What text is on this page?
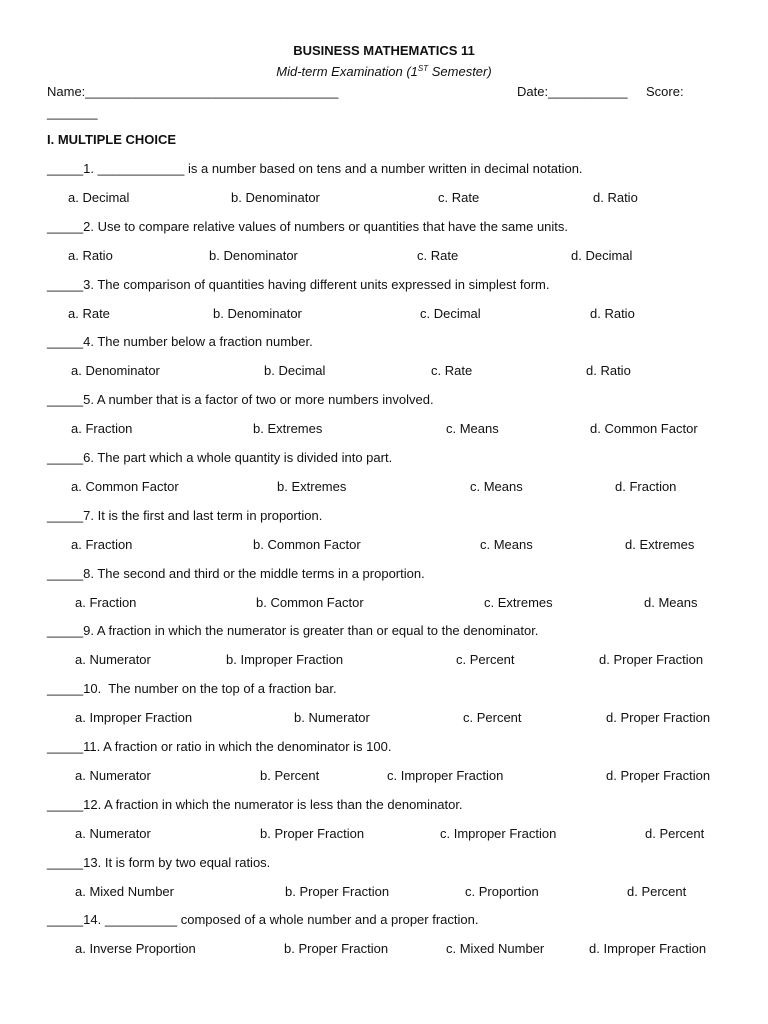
BUSINESS MATHEMATICS 11
Mid-term Examination (1ST Semester)
Name:___________________________________	Date:___________ Score:
_______
I. MULTIPLE CHOICE
_____1. ____________ is a number based on tens and a number written in decimal notation.
a. Decimal	b. Denominator	c. Rate	d. Ratio
_____2. Use to compare relative values of numbers or quantities that have the same units.
a. Ratio	b. Denominator	c. Rate	d. Decimal
_____3. The comparison of quantities having different units expressed in simplest form.
a. Rate	b. Denominator	c. Decimal	d. Ratio
_____4. The number below a fraction number.
a. Denominator	b. Decimal	c. Rate	d. Ratio
_____5. A number that is a factor of two or more numbers involved.
a. Fraction	b. Extremes	c. Means	d. Common Factor
_____6. The part which a whole quantity is divided into part.
a. Common Factor	b. Extremes	c. Means	d. Fraction
_____7. It is the first and last term in proportion.
a. Fraction	b. Common Factor	c. Means	d. Extremes
_____8. The second and third or the middle terms in a proportion.
a. Fraction	b. Common Factor	c. Extremes	d. Means
_____9. A fraction in which the numerator is greater than or equal to the denominator.
a. Numerator	b. Improper Fraction	c. Percent	d. Proper Fraction
_____10.  The number on the top of a fraction bar.
a. Improper Fraction	b. Numerator	c. Percent	d. Proper Fraction
_____11. A fraction or ratio in which the denominator is 100.
a. Numerator	b. Percent	c. Improper Fraction	d. Proper Fraction
_____12. A fraction in which the numerator is less than the denominator.
a. Numerator	b. Proper Fraction	c. Improper Fraction	d. Percent
_____13. It is form by two equal ratios.
a. Mixed Number	b. Proper Fraction	c. Proportion	d. Percent
_____14. __________ composed of a whole number and a proper fraction.
a. Inverse Proportion	b. Proper Fraction	c. Mixed Number	d. Improper Fraction
